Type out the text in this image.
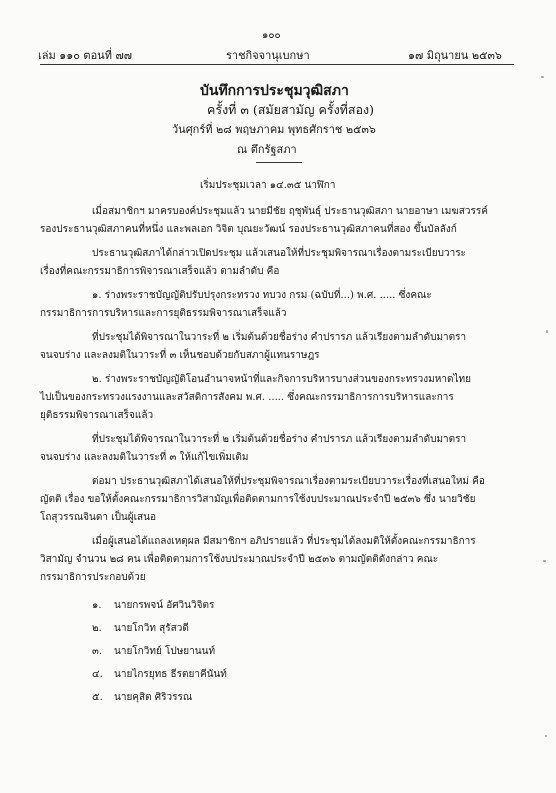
๑๐๐
เล่ม ๑๑๐ ตอนที่ ๗๗	ราชกิจจานุเบกษา	๑๗ มิถุนายน ๒๕๓๖
บันทึกการประชุมวุฒิสภา
ครั้งที่ ๓ (สมัยสามัญ ครั้งที่สอง)
วันศุกร์ที่ ๒๘ พฤษภาคม พุทธศักราช ๒๕๓๖
ณ ตึกรัฐสภา
เริ่มประชุมเวลา ๑๔.๓๕ นาฬิกา
เมื่อสมาชิกฯ มาครบองค์ประชุมแล้ว นายมีชัย ฤชุพันธุ์ ประธานวุฒิสภา นายอาษา เมฆสวรรค์
รองประธานวุฒิสภาคนที่หนึ่ง และพลเอก วิจิต บุณยะวัฒน์ รองประธานวุฒิสภาคนที่สอง ขึ้นบัลลังก์
ประธานวุฒิสภาได้กล่าวเปิดประชุม แล้วเสนอให้ที่ประชุมพิจารณาเรื่องตามระเบียบวาระ
เรื่องที่คณะกรรมาธิการพิจารณาเสร็จแล้ว ตามลำดับ คือ
๑. ร่างพระราชบัญญัติปรับปรุงกระทรวง ทบวง กรม (ฉบับที่...) พ.ศ. ..... ซึ่งคณะ
กรรมาธิการการบริหารและการยุติธรรมพิจารณาเสร็จแล้ว
ที่ประชุมได้พิจารณาในวาระที่ ๒ เริ่มต้นด้วยชื่อร่าง คำปรารภ แล้วเรียงตามลำดับมาตรา
จนจบร่าง และลงมติในวาระที่ ๓ เห็นชอบด้วยกับสภาผู้แทนราษฎร
๒. ร่างพระราชบัญญัติโอนอำนาจหน้าที่และกิจการบริหารบางส่วนของกระทรวงมหาดไทย
ไปเป็นของกระทรวงแรงงานและสวัสดิการสังคม พ.ศ. ..... ซึ่งคณะกรรมาธิการการบริหารและการ
ยุติธรรมพิจารณาเสร็จแล้ว
ที่ประชุมได้พิจารณาในวาระที่ ๒ เริ่มต้นด้วยชื่อร่าง คำปรารภ แล้วเรียงตามลำดับมาตรา
จนจบร่าง และลงมติในวาระที่ ๓ ให้แก้ไขเพิ่มเติม
ต่อมา ประธานวุฒิสภาได้เสนอให้ที่ประชุมพิจารณาเรื่องตามระเบียบวาระเรื่องที่เสนอใหม่ คือ
ญัตติ เรื่อง ขอให้ตั้งคณะกรรมาธิการวิสามัญเพื่อติดตามการใช้งบประมาณประจำปี ๒๕๓๖ ซึ่ง นายวิชัย
โถสุวรรณจินดา เป็นผู้เสนอ
เมื่อผู้เสนอได้แถลงเหตุผล มีสมาชิกฯ อภิปรายแล้ว ที่ประชุมได้ลงมติให้ตั้งคณะกรรมาธิการ
วิสามัญ จำนวน ๒๘ คน เพื่อติดตามการใช้งบประมาณประจำปี ๒๕๓๖ ตามญัตติดังกล่าว คณะ
กรรมาธิการประกอบด้วย
๑. นายกรพจน์ อัศวินวิจิตร
๒. นายโกวิท สุรัสวดี
๓. นายโกวิทย์ โปษยานนท์
๔. นายไกรยุทธ ธีรตยาคีนันท์
๕. นายคุสิต ศิริวรรณ
